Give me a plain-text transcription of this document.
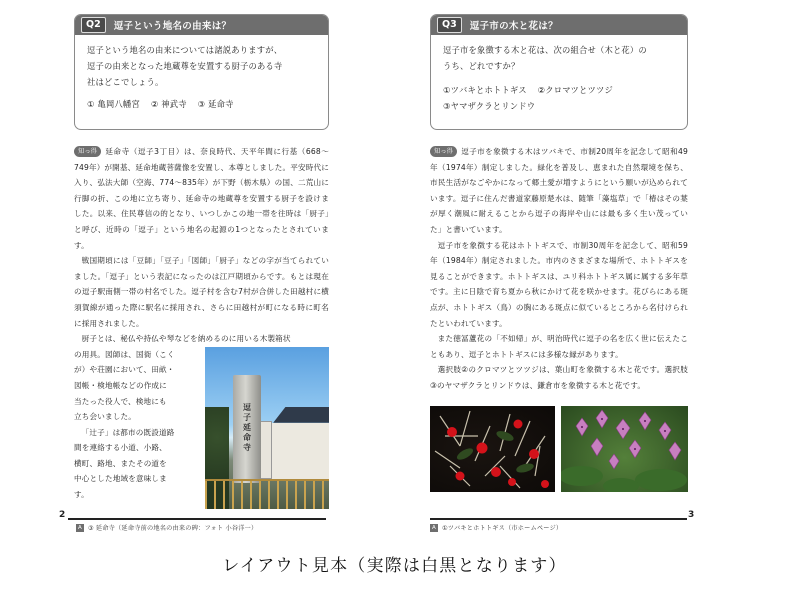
Q2	逗子という地名の由来は？
逗子という地名の由来については諸説ありますが、
逗子の由来となった地蔵尊を安置する厨子のある寺
社はどこでしょう。
① 亀岡八幡宮 ② 神武寺 ③ 延命寺

知っ得 延命寺（逗子3丁目）は、奈良時代、天平年間に行基（668〜749年）が開基、延命地蔵菩薩像を安置し、本尊としました。平安時代に入り、弘法大師（空海、774〜835年）が下野（栃木県）の国、二荒山に行脚の折、この地に立ち寄り、延命寺の地蔵尊を安置する厨子を設けました。以来、住民尊信の的となり、いつしかこの地一帯を往時は「厨子」と呼び、近時の「逗子」という地名の起源の1つとなったとされています。

戦国期頃には「豆師」「豆子」「図師」「厨子」などの字が当てられていました。「逗子」という表記になったのは江戸期頃からです。もとは現在の逗子駅南側一帯の村名でした。逗子村を含む7村が合併した田越村に横須賀線が通った際に駅名に採用され、さらに田越村が町になる時に町名に採用されました。

厨子とは、秘仏や持仏や琴などを納めるのに用いる木製箱状

の用具。図師は、国衙（こく
が）や荘園において、田畝・
図帳・検地帳などの作成に
当たった役人で、検地にも
立ち会いました。
「辻子」は都市の既設道路
間を連絡する小道、小路、
横町、路地、またその道を
中心とした地域を意味しま
す。
逗子延命寺
Q3	逗子市の木と花は？
逗子市を象徴する木と花は、次の組合せ（木と花）の
うち、どれですか？
①ツバキとホトトギス ②クロマツとツツジ
③ヤマザクラとリンドウ

知っ得 逗子市を象徴する木はツバキで、市制20周年を記念して昭和49年（1974年）制定しました。緑化を普及し、恵まれた自然環境を保ち、市民生活がなごやかになって郷土愛が増すようにという願いが込められています。逗子に住んだ書道家藤原楚水は、随筆「藻塩草」で「椿はその葉が厚く潮風に耐えることから逗子の海岸や山には最も多く生い茂っていた」と書いています。

逗子市を象徴する花はホトトギスで、市制30周年を記念して、昭和59年（1984年）制定されました。市内のさまざまな場所で、ホトトギスを見ることができます。ホトトギスは、ユリ科ホトトギス属に属する多年草です。主に日陰で育ち夏から秋にかけて花を咲かせます。花びらにある斑点が、ホトトギス（鳥）の胸にある斑点に似ているところから名付けられたといわれています。

また徳冨蘆花の「不如帰」が、明治時代に逗子の名を広く世に伝えたこともあり、逗子とホトトギスには多様な縁があります。

選択肢②のクロマツとツツジは、葉山町を象徴する木と花です。選択肢③のヤマザクラとリンドウは、鎌倉市を象徴する木と花です。

A ③ 延命寺（延命寺前の地名の由来の碑：フォト 小谷洋一）	A ①ツバキとホトトギス（市ホームページ）
2	3
レイアウト見本（実際は白黒となります）
